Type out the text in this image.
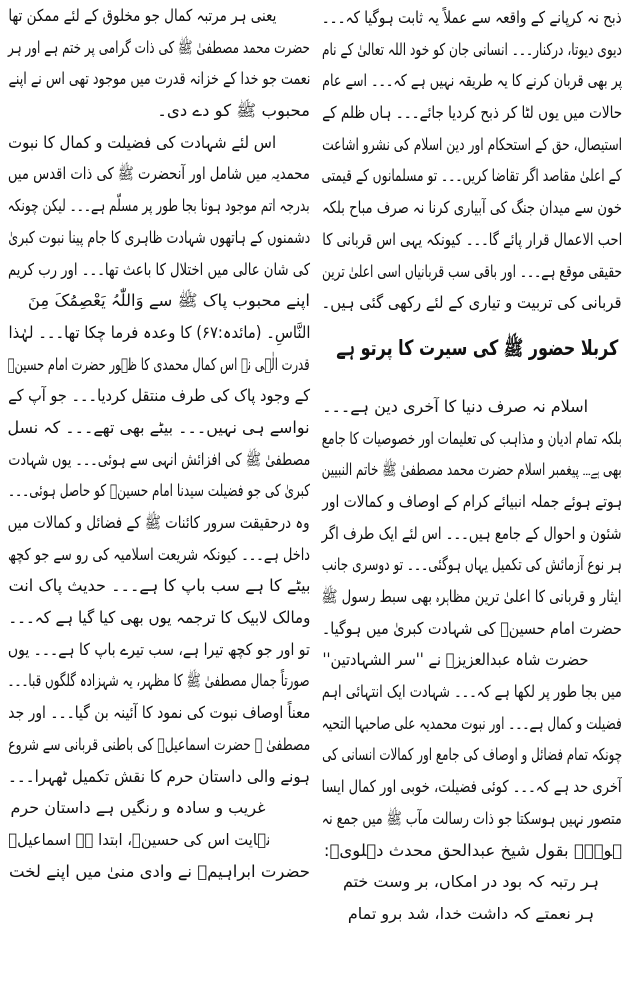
ذبح نہ کرپانے کے واقعہ سے عملاً یہ ثابت ہوگیا کہ۔۔۔
دیوی دیوتا، درکنار۔۔۔ انسانی جان کو خود اللہ تعالیٰ کے نام
پر بھی قربان کرنے کا یہ طریقہ نہیں ہے کہ۔۔۔ اسے عام
حالات میں یوں لٹا کر ذبح کردیا جائے۔۔۔ ہاں ظلم کے
استیصال، حق کے استحکام اور دین اسلام کی نشرو اشاعت
کے اعلیٰ مقاصد اگر تقاضا کریں۔۔۔ تو مسلمانوں کے قیمتی
خون سے میدان جنگ کی آبیاری کرنا نہ صرف مباح بلکہ
احب الاعمال قرار پائے گا۔۔۔ کیونکہ یہی اس قربانی کا
حقیقی موقع ہے۔۔۔ اور باقی سب قربانیاں اسی اعلیٰ ترین
قربانی کی تربیت و تیاری کے لئے رکھی گئی ہیں۔
کربلا حضور ﷺ کی سیرت کا پرتو ہے
اسلام نہ صرف دنیا کا آخری دین ہے۔۔۔
بلکہ تمام ادیان و مذاہب کی تعلیمات اور خصوصیات کا جامع
بھی ہے۔۔۔ پیغمبر اسلام حضرت محمد مصطفیٰ ﷺ خاتم النبیین
ہوتے ہوئے جملہ انبیائے کرام کے اوصاف و کمالات اور
شئون و احوال کے جامع ہیں۔۔۔ اس لئے ایک طرف اگر
ہر نوع آزمائش کی تکمیل یہاں ہوگئی۔۔۔ تو دوسری جانب
ایثار و قربانی کا اعلیٰ ترین مظاہرہ بھی سبط رسول ﷺ
حضرت امام حسینؓ کی شہادت کبریٰ میں ہوگیا۔
حضرت شاہ عبدالعزیزؒ نے ''سر الشہادتین''
میں بجا طور پر لکھا ہے کہ۔۔۔ شہادت ایک انتہائی اہم
فضیلت و کمال ہے۔۔۔ اور نبوت محمدیہ علی صاحبہا التحیہ
چونکہ تمام فضائل و اوصاف کی جامع اور کمالات انسانی کی
آخری حد ہے کہ۔۔۔ کوئی فضیلت، خوبی اور کمال ایسا
متصور نہیں ہوسکتا جو ذات رسالت مآب ﷺ میں جمع نہ
ہو۔۔۔ بقول شیخ عبدالحق محدث دہلویؒ:
ہر رتبہ کہ بود در امکاں، بر وست ختم
ہر نعمتے کہ داشت خدا، شد برو تمام
یعنی ہر مرتبہ کمال جو مخلوق کے لئے ممکن تھا
حضرت محمد مصطفیٰ ﷺ کی ذات گرامی پر ختم ہے اور ہر
نعمت جو خدا کے خزانہ قدرت میں موجود تھی اس نے اپنے
محبوب ﷺ کو دے دی۔
اس لئے شہادت کی فضیلت و کمال کا نبوت
محمدیہ میں شامل اور آنحضرت ﷺ کی ذات اقدس میں
بدرجہ اتم موجود ہونا بجا طور پر مسلّم ہے۔۔۔ لیکن چونکہ
دشمنوں کے ہاتھوں شہادت ظاہری کا جام پینا نبوت کبریٰ
کی شان عالی میں اختلال کا باعث تھا۔۔۔ اور رب کریم
اپنے محبوب پاک ﷺ سے وَاللّٰہُ یَعْصِمُکَ مِنَ
النَّاسِ۔ (مائدہ:۶۷) کا وعدہ فرما چکا تھا۔۔۔ لہٰذا
قدرت الٰہی نے اس کمال محمدی کا ظہور حضرت امام حسینؓ
کے وجود پاک کی طرف منتقل کردیا۔۔۔ جو آپ کے
نواسے ہی نہیں۔۔۔ بیٹے بھی تھے۔۔۔ کہ نسل
مصطفیٰ ﷺ کی افزائش انہی سے ہوئی۔۔۔ یوں شہادت
کبریٰ کی جو فضیلت سیدنا امام حسینؓ کو حاصل ہوئی۔۔۔
وہ درحقیقت سرور کائنات ﷺ کے فضائل و کمالات میں
داخل ہے۔۔۔ کیونکہ شریعت اسلامیہ کی رو سے جو کچھ
بیٹے کا ہے سب باپ کا ہے۔۔۔ حدیث پاک انت
ومالک لابیک کا ترجمہ یوں بھی کیا گیا ہے کہ۔۔۔
تو اور جو کچھ تیرا ہے، سب تیرے باپ کا ہے۔۔۔ یوں
صورتاً جمال مصطفیٰ ﷺ کا مظہر، یہ شہزادہ گلگوں قبا۔۔۔
معناً اوصاف نبوت کی نمود کا آئینہ بن گیا۔۔۔ اور جد
مصطفیٰ ﷺ حضرت اسماعیلؑ کی باطنی قربانی سے شروع
ہونے والی داستان حرم کا نقش تکمیل ٹھہرا۔۔۔
غریب و سادہ و رنگیں ہے داستان حرم
نہایت اس کی حسینؓ، ابتدا ہے اسماعیلؑ
حضرت ابراہیمؑ نے وادی منیٰ میں اپنے لخت
